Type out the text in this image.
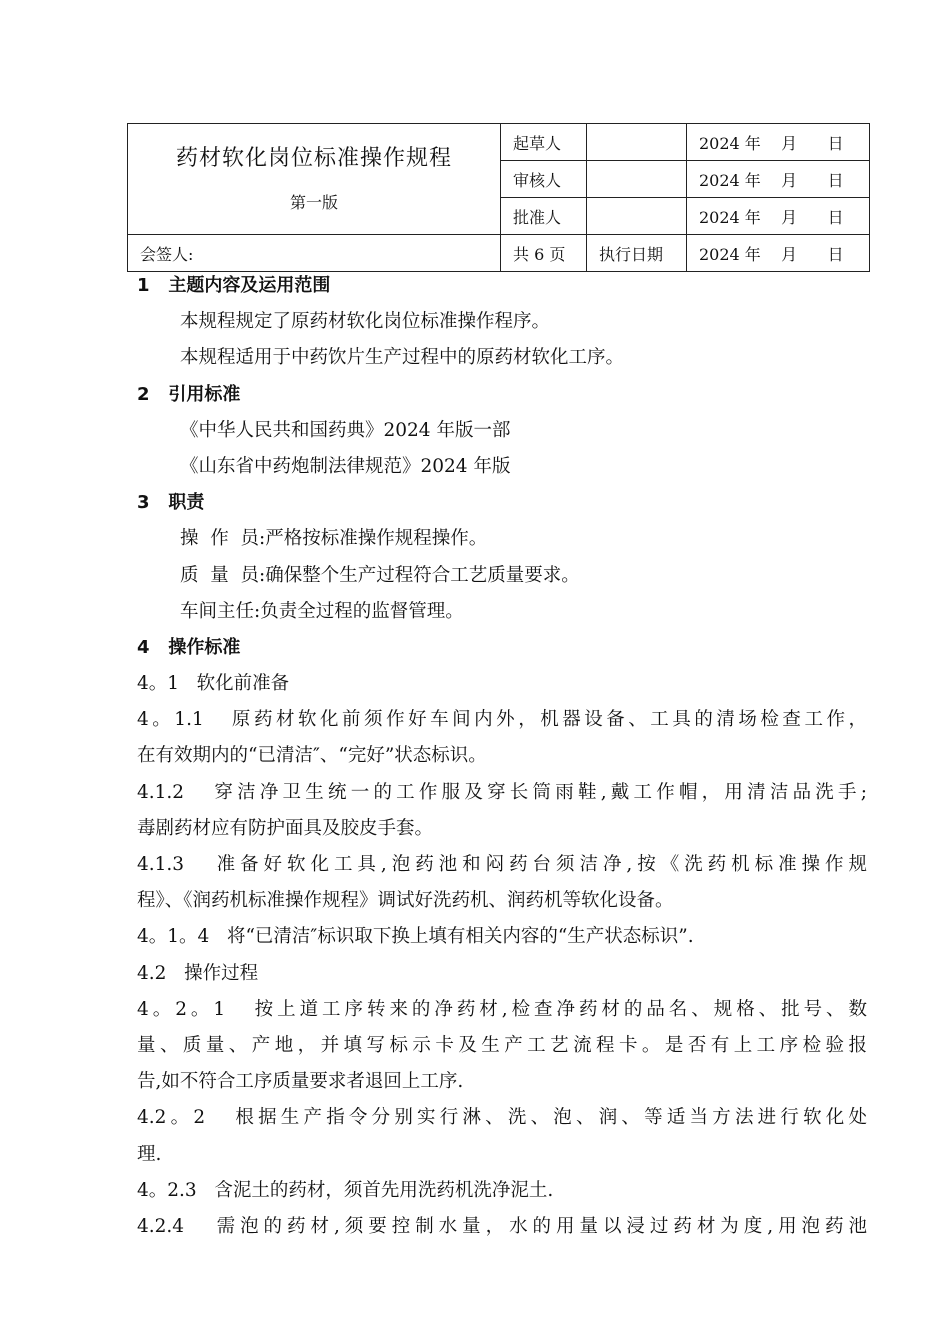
药材软化岗位标准操作规程
第一版	起草人		2024 年    月      日
	审核人		2024 年    月      日
	批准人		2024 年    月      日
会签人:	共 6 页	执行日期	2024 年    月      日
1   主题内容及运用范围
本规程规定了原药材软化岗位标准操作程序。
本规程适用于中药饮片生产过程中的原药材软化工序。
2   引用标准
《中华人民共和国药典》2024 年版一部
《山东省中药炮制法律规范》2024 年版
3   职责
操  作  员:严格按标准操作规程操作。
质  量  员:确保整个生产过程符合工艺质量要求。
车间主任:负责全过程的监督管理。
4   操作标准
4。1   软化前准备
4。1.1   原药材软化前须作好车间内外，机器设备、工具的清场检查工作，
在有效期内的“已清洁″、“完好”状态标识。
4.1.2   穿洁净卫生统一的工作服及穿长筒雨鞋,戴工作帽，用清洁品洗手;
毒剧药材应有防护面具及胶皮手套。
4.1.3   准备好软化工具,泡药池和闷药台须洁净,按《洗药机标准操作规
程》、《润药机标准操作规程》调试好洗药机、润药机等软化设备。
4。1。4   将“已清洁″标识取下换上填有相关内容的“生产状态标识”.
4.2   操作过程
4。2。1   按上道工序转来的净药材,检查净药材的品名、规格、批号、数
量、质量、产地，并填写标示卡及生产工艺流程卡。是否有上工序检验报
告,如不符合工序质量要求者退回上工序.
4.2。2   根据生产指令分别实行淋、洗、泡、润、等适当方法进行软化处
理.
4。2.3   含泥土的药材，须首先用洗药机洗净泥土.
4.2.4   需泡的药材,须要控制水量，水的用量以浸过药材为度,用泡药池
